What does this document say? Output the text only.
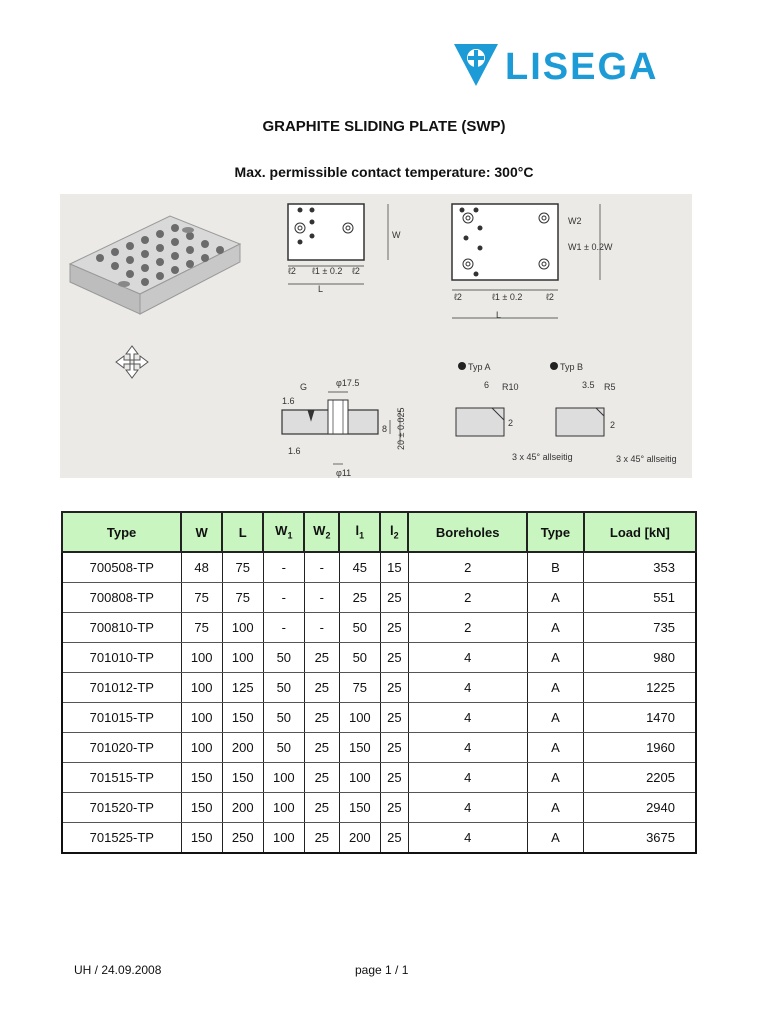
LISEGA
GRAPHITE SLIDING PLATE (SWP)
Max. permissible contact temperature: 300°C
ℓ2 ℓ1 ± 0.2 ℓ2
L
W
ℓ2	ℓ1 ± 0.2	ℓ2
L
W2
W1 ± 0.2 W
φ17.5
φ11
G
1.6
1.6
8 20 ± 0.025
Typ A	Typ B
6 R10	3.5 R5
2	2
3 x 45° allseitig	3 x 45° allseitig
Type	W	L	$W_1$	$W_2$	$l_1$	$l_2$	Boreholes	Type	Load [kN]
700508-TP	48	75	-	-	45	15	2	B	353
700808-TP	75	75	-	-	25	25	2	A	551
700810-TP	75	100	-	-	50	25	2	A	735
701010-TP	100	100	50	25	50	25	4	A	980
701012-TP	100	125	50	25	75	25	4	A	1225
701015-TP	100	150	50	25	100	25	4	A	1470
701020-TP	100	200	50	25	150	25	4	A	1960
701515-TP	150	150	100	25	100	25	4	A	2205
701520-TP	150	200	100	25	150	25	4	A	2940
701525-TP	150	250	100	25	200	25	4	A	3675
UH / 24.09.2008	page 1 / 1
